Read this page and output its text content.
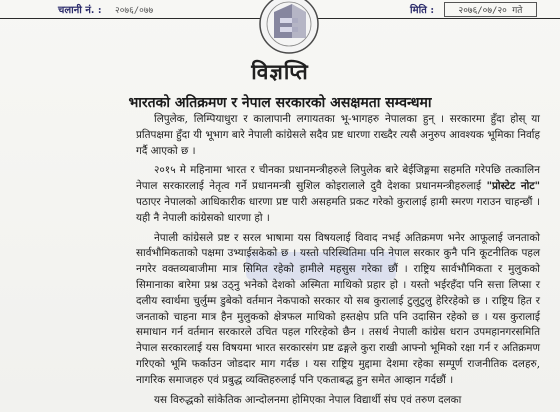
चलानी नं. : २०७६/०७७	मिति :	२०७६/०७/२० गते
विज्ञप्ति
भारतको अतिक्रमण र नेपाल सरकारको असक्षमता सम्वन्धमा

लिपुलेक, लिम्पियाधुरा र कालापानी लगायतका भू-भागहरु नेपालका हुन् । सरकारमा हुँदा होस् या प्रतिपक्षमा हुँदा यी भूभाग बारे नेपाली कांग्रेसले सदैव प्रष्ट धारणा राख्दैर त्यसै अनुरुप आवश्यक भूमिका निर्वाह गर्दै आएको छ ।

२०१५ मे महिनामा भारत र चीनका प्रधानमन्त्रीहरुले लिपुलेक बारे बेईजिङ्गमा सहमति गरेपछि तत्कालिन नेपाल सरकारलाई नेतृत्व गर्ने प्रधानमन्त्री सुशिल कोइरालाले दुवै देशका प्रधानमन्त्रीहरुलाई "प्रोस्टेट नोट" पठाएर नेपालको आधिकारीक धारणा प्रष्ट पारी असहमति प्रकट गरेको कुरालाई हामी स्मरण गराउन चाहन्छौं । यही नै नेपाली कांग्रेसको धारणा हो ।

नेपाली कांग्रेसले प्रष्ट र सरल भाषामा यस विषयलाई विवाद नभई अतिक्रमण भनेर आफूलाई जनताको सार्वभौमिकताको पक्षमा उभ्याईसकेको छ । यस्तो परिस्थितिमा पनि नेपाल सरकार कुनै पनि कूटनीतिक पहल नगरेर वक्तव्यबाजीमा मात्र सिमित रहेको हामीले महसुस गरेका छौं । राष्ट्रिय सार्वभौमिकता र मुलुकको सिमानाका बारेमा प्रश्न उठ्नु भनेको देशको अस्मिता माथिको प्रहार हो । यस्तो भईरहँदा पनि सत्ता लिप्सा र दलीय स्वार्थमा चुर्लुम्म डुबेको वर्तमान नेकपाको सरकार यो सब कुरालाई टुलुटुलु हेरिरहेको छ । राष्ट्रिय हित र जनताको चाहना मात्र हैन मुलुकको क्षेत्रफल माथिको हस्तक्षेप प्रति पनि उदासिन रहेको छ । यस कुरालाई समाधान गर्न वर्तमान सरकारले उचित पहल गरिरहेको छैन । तसर्थ नेपाली कांग्रेस धरान उपमहानगरसमिति नेपाल सरकारलाई यस विषयमा भारत सरकारसंग प्रष्ट ढङ्गले कुरा राखी आफ्नो भूमिको रक्षा गर्न र अतिक्रमण गरिएको भूमि फर्काउन जोडदार माग गर्दछ । यस राष्ट्रिय मुद्दामा देशमा रहेका सम्पूर्ण राजनीतिक दलहरु, नागरिक समाजहरु एवं प्रबुद्ध व्यक्तिहरुलाई पनि एकताबद्ध हुन समेत आव्हान गर्दछौं ।

यस विरुद्धको सांकेतिक आन्दोलनमा होमिएका नेपाल विद्यार्थी संघ एवं तरुण दलका
